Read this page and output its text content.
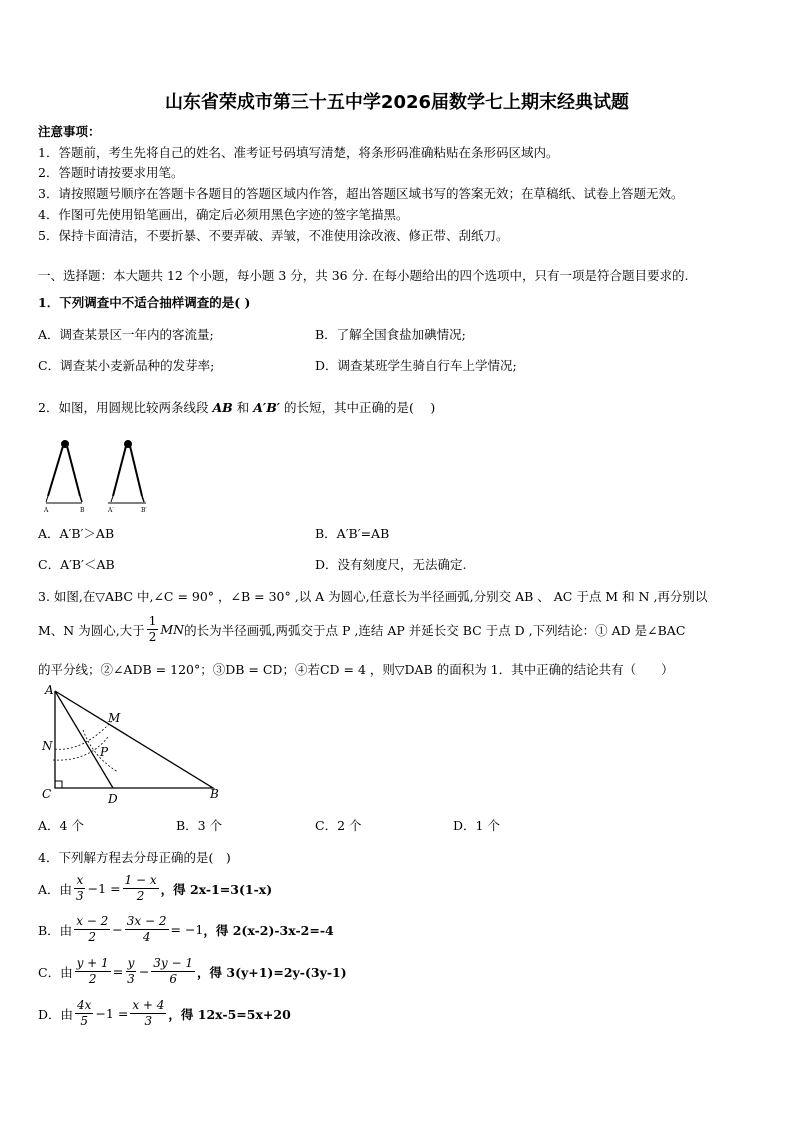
山东省荣成市第三十五中学2026届数学七上期末经典试题
注意事项：
1．答题前，考生先将自己的姓名、准考证号码填写清楚，将条形码准确粘贴在条形码区域内。
2．答题时请按要求用笔。
3．请按照题号顺序在答题卡各题目的答题区域内作答，超出答题区域书写的答案无效；在草稿纸、试卷上答题无效。
4．作图可先使用铅笔画出，确定后必须用黑色字迹的签字笔描黑。
5．保持卡面清洁，不要折暴、不要弄破、弄皱，不准使用涂改液、修正带、刮纸刀。
一、选择题：本大题共 12 个小题，每小题 3 分，共 36 分. 在每小题给出的四个选项中，只有一项是符合题目要求的.
1．下列调查中不适合抽样调查的是( )
A．调查某景区一年内的客流量;	B．了解全国食盐加碘情况;
C．调查某小麦新品种的发芽率;	D．调查某班学生骑自行车上学情况;
2．如图，用圆规比较两条线段 AB 和 A′B′ 的长短，其中正确的是(　 )
A	B	A′	B′
A．A′B′＞AB	B．A′B′=AB
C．A′B′＜AB	D．没有刻度尺，无法确定.
3. 如图,在▽ABC 中,∠C = 90° ，∠B = 30° ,以 A 为圆心,任意长为半径画弧,分别交 AB 、 AC 于点 M 和 N ,再分别以
M、N 为圆心,大于 $\frac{1}{2}$ MN 的长为半径画弧,两弧交于点 P ,连结 AP 并延长交 BC 于点 D ,下列结论：① AD 是∠BAC
的平分线；②∠ADB = 120°；③DB = CD；④若CD = 4 ，则▽DAB 的面积为 1．其中正确的结论共有（　　）
A
M
N	P
C	D	B
A．4 个	B．3 个	C．2 个	D．1 个
4．下列解方程去分母正确的是(　)
A．由 $\frac{x}{3} -1 = \frac{1 - x}{2}$ ，得 2x-1=3(1-x)
B．由 $\frac{x - 2}{2} - \frac{3x - 2}{4} = -1$ ，得 2(x-2)-3x-2=-4
C．由 $\frac{y + 1}{2} = \frac{y}{3} - \frac{3y - 1}{6}$ ，得 3(y+1)=2y-(3y-1)
D．由 $\frac{4x}{5} -1 = \frac{x + 4}{3}$ ，得 12x-5=5x+20
